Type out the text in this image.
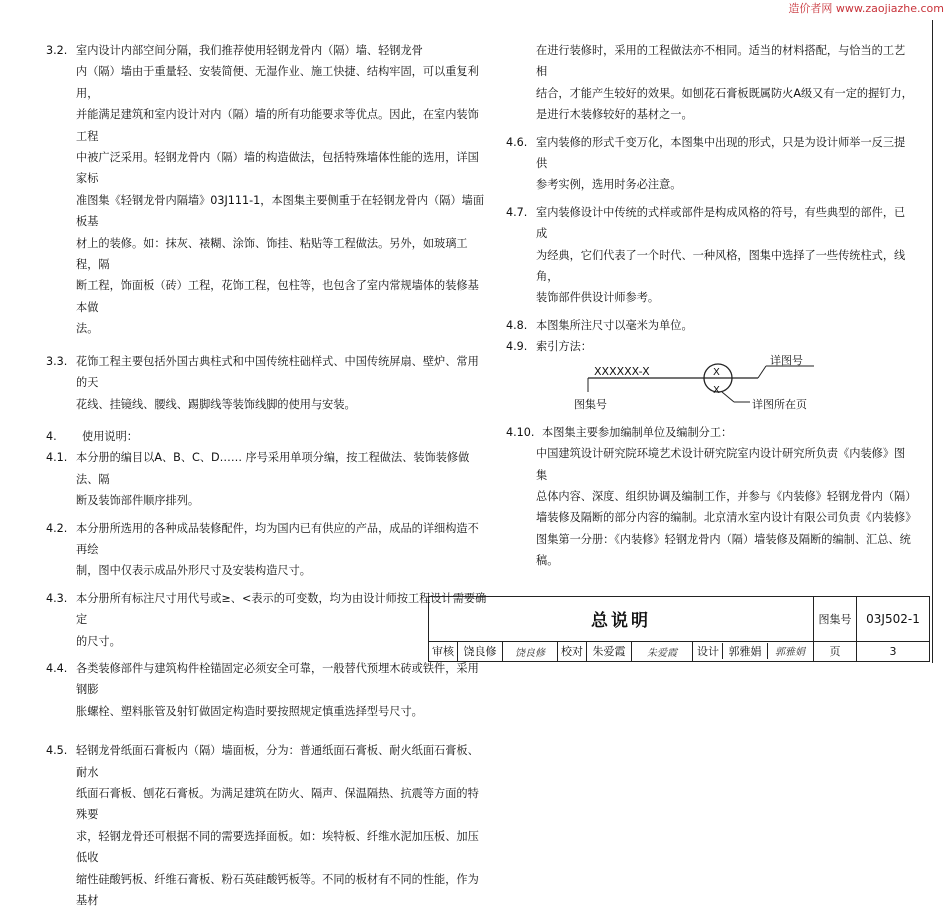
造价者网 www.zaojiazhe.com
3.2. 室内设计内部空间分隔，我们推荐使用轻钢龙骨内（隔）墙、轻钢龙骨
内（隔）墙由于重量轻、安装简便、无湿作业、施工快捷、结构牢固，可以重复利用，
并能满足建筑和室内设计对内（隔）墙的所有功能要求等优点。因此，在室内装饰工程
中被广泛采用。轻钢龙骨内（隔）墙的构造做法，包括特殊墙体性能的选用，详国家标
准图集《轻钢龙骨内隔墙》03J111-1，本图集主要侧重于在轻钢龙骨内（隔）墙面板基
材上的装修。如：抹灰、裱糊、涂饰、饰挂、粘贴等工程做法。另外，如玻璃工程，隔
断工程，饰面板（砖）工程，花饰工程，包柱等，也包含了室内常规墙体的装修基本做
法。
3.3. 花饰工程主要包括外国古典柱式和中国传统柱础样式、中国传统屏扇、壁炉、常用的天
花线、挂镜线、腰线、踢脚线等装饰线脚的使用与安装。
4.	使用说明：
4.1. 本分册的编目以A、B、C、D…… 序号采用单项分编，按工程做法、装饰装修做法、隔
断及装饰部件顺序排列。
4.2. 本分册所选用的各种成品装修配件，均为国内已有供应的产品，成品的详细构造不再绘
制，图中仅表示成品外形尺寸及安装构造尺寸。
4.3. 本分册所有标注尺寸用代号或≥、<表示的可变数，均为由设计师按工程设计需要确定
的尺寸。
4.4. 各类装修部件与建筑构件栓锚固定必须安全可靠，一般替代预埋木砖或铁件，采用钢膨
胀螺栓、塑料胀管及射钉做固定构造时要按照规定慎重选择型号尺寸。
4.5. 轻钢龙骨纸面石膏板内（隔）墙面板，分为：普通纸面石膏板、耐火纸面石膏板、耐水
纸面石膏板、刨花石膏板。为满足建筑在防火、隔声、保温隔热、抗震等方面的特殊要
求，轻钢龙骨还可根据不同的需要选择面板。如：埃特板、纤维水泥加压板、加压低收
缩性硅酸钙板、纤维石膏板、粉石英硅酸钙板等。不同的板材有不同的性能，作为基材
在进行装修时，采用的工程做法亦不相同。适当的材料搭配，与恰当的工艺相
结合，才能产生较好的效果。如刨花石膏板既属防火A级又有一定的握钉力，
是进行木装修较好的基材之一。
4.6. 室内装修的形式千变万化，本图集中出现的形式，只是为设计师举一反三提供
参考实例，选用时务必注意。
4.7. 室内装修设计中传统的式样或部件是构成风格的符号，有些典型的部件，已成
为经典，它们代表了一个时代、一种风格，图集中选择了一些传统柱式，线角，
装饰部件供设计师参考。
4.8. 本图集所注尺寸以毫米为单位。
4.9. 索引方法：
XXXXXX-X	X
X
详图号
图集号	详图所在页
4.10. 本图集主要参加编制单位及编制分工：
中国建筑设计研究院环境艺术设计研究院室内设计研究所负责《内装修》图集
总体内容、深度、组织协调及编制工作，并参与《内装修》轻钢龙骨内（隔）
墙装修及隔断的部分内容的编制。北京清水室内设计有限公司负责《内装修》
图集第一分册：《内装修》轻钢龙骨内（隔）墙装修及隔断的编制、汇总、统稿。
总说明							图集号	03J502-1
审核	饶良修	饶良修	校对	朱爱霞	朱爱霞	设计 郭雅娟 郭雅娟	页	3
